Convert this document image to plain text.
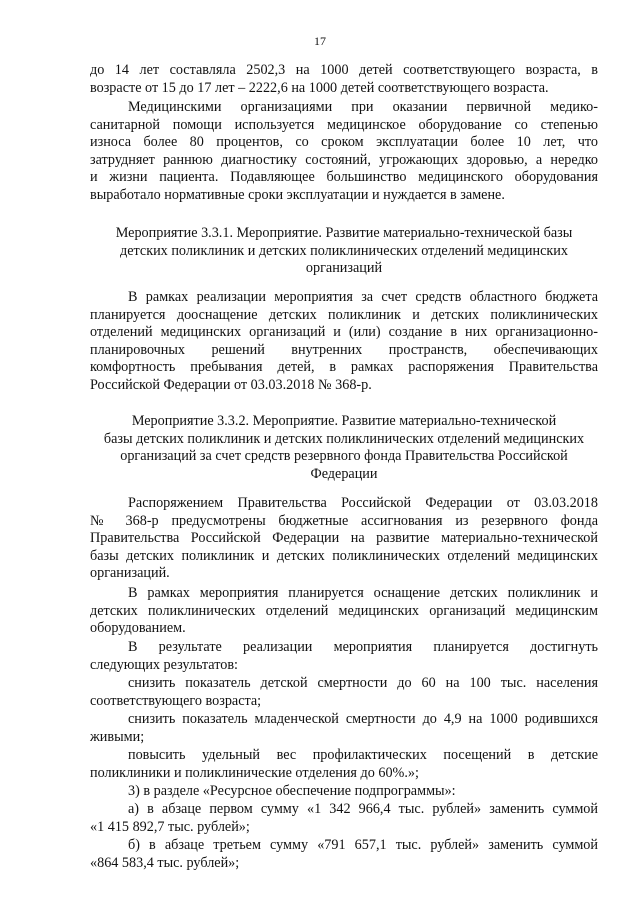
17
до 14 лет составляла 2502,3 на 1000 детей соответствующего возраста, в
возрасте от 15 до 17 лет – 2222,6 на 1000 детей соответствующего возраста.
Медицинскими организациями при оказании первичной медико-
санитарной помощи используется медицинское оборудование со степенью
износа более 80 процентов, со сроком эксплуатации более 10 лет, что
затрудняет раннюю диагностику состояний, угрожающих здоровью, а нередко
и жизни пациента. Подавляющее большинство медицинского оборудования
выработало нормативные сроки эксплуатации и нуждается в замене.
Мероприятие 3.3.1. Мероприятие. Развитие материально-технической базы
детских поликлиник и детских поликлинических отделений медицинских
организаций
В рамках реализации мероприятия за счет средств областного бюджета
планируется дооснащение детских поликлиник и детских поликлинических
отделений медицинских организаций и (или) создание в них организационно-
планировочных решений внутренних пространств, обеспечивающих
комфортность пребывания детей, в рамках распоряжения Правительства
Российской Федерации от 03.03.2018 № 368-р.
Мероприятие 3.3.2. Мероприятие. Развитие материально-технической
базы детских поликлиник и детских поликлинических отделений медицинских
организаций за счет средств резервного фонда Правительства Российской
Федерации
Распоряжением Правительства Российской Федерации от 03.03.2018
№ 368-р предусмотрены бюджетные ассигнования из резервного фонда
Правительства Российской Федерации на развитие материально-технической
базы детских поликлиник и детских поликлинических отделений медицинских
организаций.
В рамках мероприятия планируется оснащение детских поликлиник и
детских поликлинических отделений медицинских организаций медицинским
оборудованием.
В результате реализации мероприятия планируется достигнуть
следующих результатов:
снизить показатель детской смертности до 60 на 100 тыс. населения
соответствующего возраста;
снизить показатель младенческой смертности до 4,9 на 1000 родившихся
живыми;
повысить удельный вес профилактических посещений в детские
поликлиники и поликлинические отделения до 60%.»;
3) в разделе «Ресурсное обеспечение подпрограммы»:
а) в абзаце первом сумму «1 342 966,4 тыс. рублей» заменить суммой
«1 415 892,7 тыс. рублей»;
б) в абзаце третьем сумму «791 657,1 тыс. рублей» заменить суммой
«864 583,4 тыс. рублей»;
